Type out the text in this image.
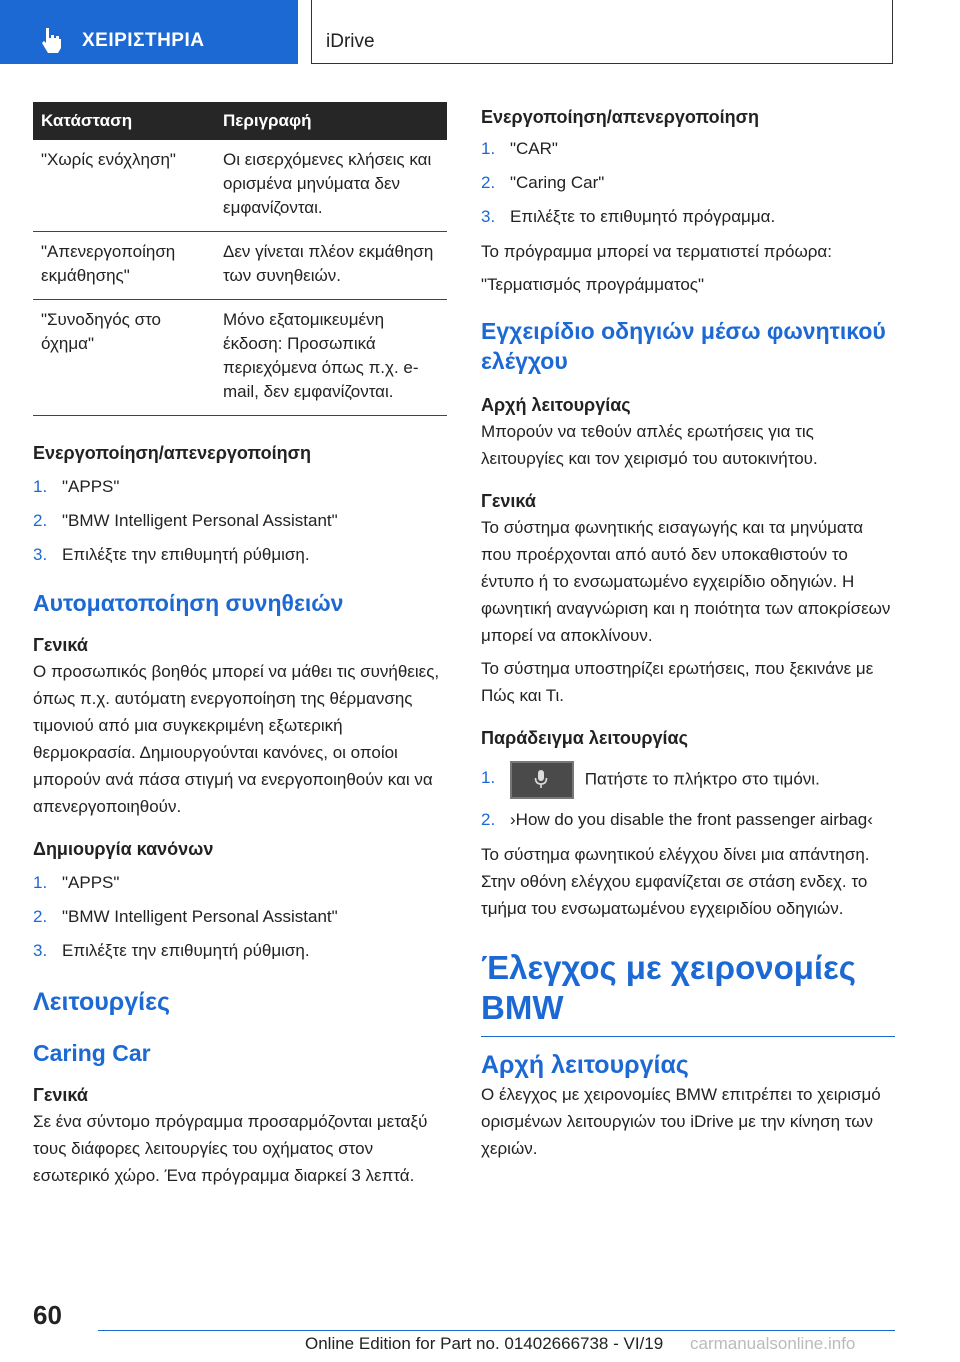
ΧΕΙΡΙΣΤΗΡΙΑ	iDrive
Κατάσταση	Περιγραφή
"Χωρίς ενόχληση"	Οι εισερχόμενες κλήσεις και ορισμένα μηνύματα δεν εμφανίζονται.
"Απενεργοποίηση εκμάθησης"	Δεν γίνεται πλέον εκμάθηση των συνηθειών.
"Συνοδηγός στο όχημα"	Μόνο εξατομικευμένη έκδοση: Προσωπικά περιεχόμενα όπως π.χ. e-mail, δεν εμφανίζονται.
Ενεργοποίηση/απενεργοποίηση
1. "APPS"
2. "BMW Intelligent Personal Assistant"
3. Επιλέξτε την επιθυμητή ρύθμιση.
Αυτοματοποίηση συνηθειών
Γενικά

Ο προσωπικός βοηθός μπορεί να μάθει τις συνήθειες, όπως π.χ. αυτόματη ενεργοποίηση της θέρμανσης τιμονιού από μια συγκεκριμένη εξωτερική θερμοκρασία. Δημιουργούνται κανόνες, οι οποίοι μπορούν ανά πάσα στιγμή να ενεργοποιηθούν και να απενεργοποιηθούν.

Δημιουργία κανόνων
1. "APPS"
2. "BMW Intelligent Personal Assistant"
3. Επιλέξτε την επιθυμητή ρύθμιση.
Λειτουργίες
Caring Car
Γενικά

Σε ένα σύντομο πρόγραμμα προσαρμόζονται μεταξύ τους διάφορες λειτουργίες του οχήματος στον εσωτερικό χώρο. Ένα πρόγραμμα διαρκεί 3 λεπτά.

Ενεργοποίηση/απενεργοποίηση
1. "CAR"
2. "Caring Car"
3. Επιλέξτε το επιθυμητό πρόγραμμα.

Το πρόγραμμα μπορεί να τερματιστεί πρόωρα:

"Τερματισμός προγράμματος"

Εγχειρίδιο οδηγιών μέσω φωνητικού ελέγχου
Αρχή λειτουργίας

Μπορούν να τεθούν απλές ερωτήσεις για τις λειτουργίες και τον χειρισμό του αυτοκινήτου.

Γενικά

Το σύστημα φωνητικής εισαγωγής και τα μηνύματα που προέρχονται από αυτό δεν υποκαθιστούν το έντυπο ή το ενσωματωμένο εγχειρίδιο οδηγιών. Η φωνητική αναγνώριση και η ποιότητα των αποκρίσεων μπορεί να αποκλίνουν.

Το σύστημα υποστηρίζει ερωτήσεις, που ξεκινάνε με Πώς και Τι.

Παράδειγμα λειτουργίας
1.	Πατήστε το πλήκτρο στο τιμόνι.
2. ›How do you disable the front passenger airbag‹

Το σύστημα φωνητικού ελέγχου δίνει μια απάντηση. Στην οθόνη ελέγχου εμφανίζεται σε στάση ενδεχ. το τμήμα του ενσωματωμένου εγχειριδίου οδηγιών.

Έλεγχος με χειρονομίες BMW
Αρχή λειτουργίας

Ο έλεγχος με χειρονομίες BMW επιτρέπει το χειρισμό ορισμένων λειτουργιών του iDrive με την κίνηση των χεριών.

60
Online Edition for Part no. 01402666738 - VI/19 carmanualsonline.info
